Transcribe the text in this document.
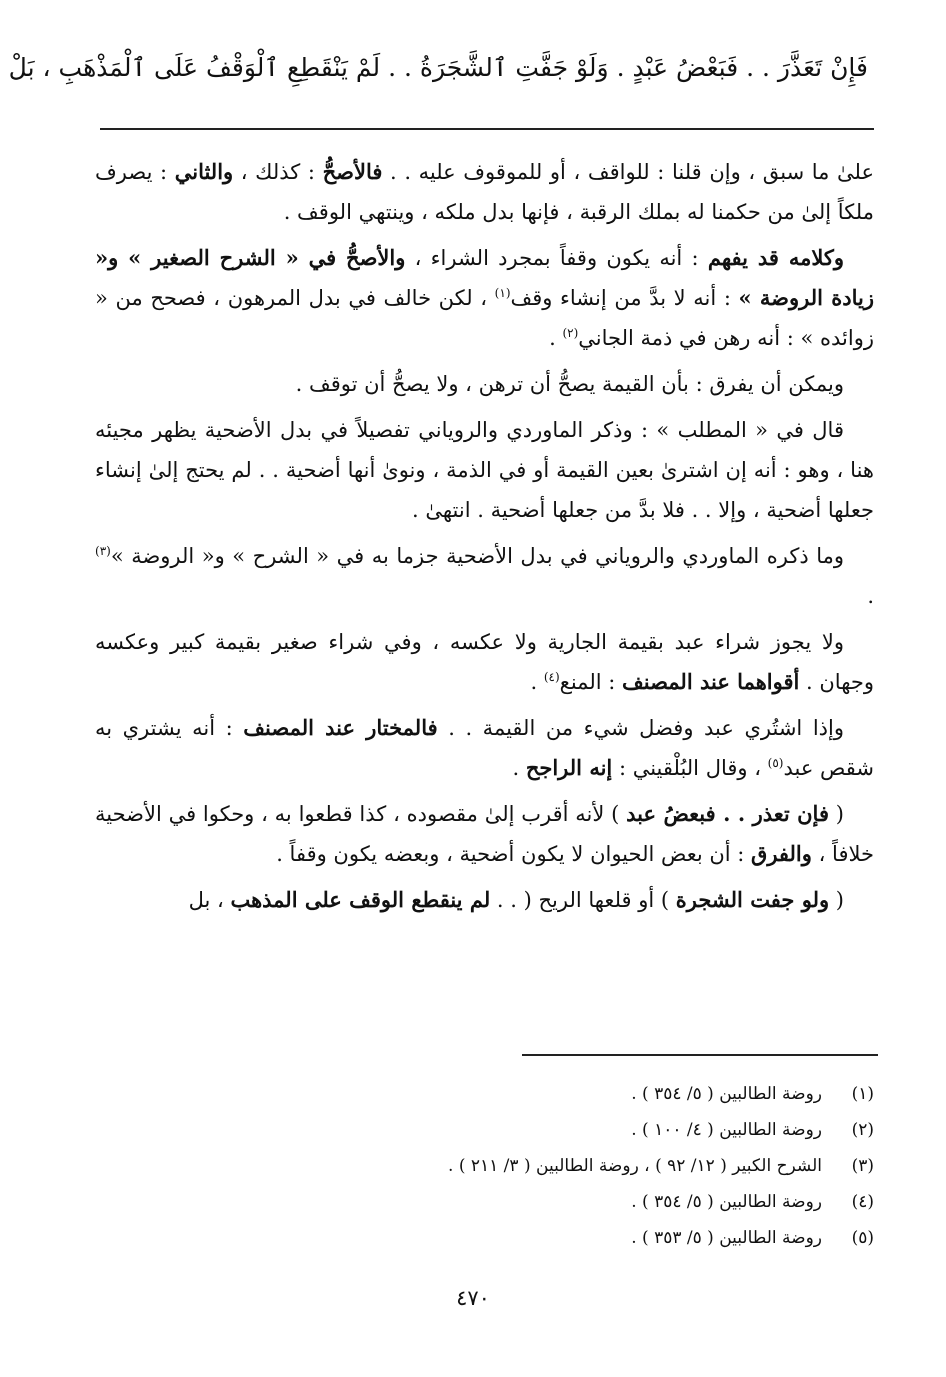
فَإِنْ تَعَذَّرَ . . فَبَعْضُ عَبْدٍ . وَلَوْ جَفَّتِ ٱلشَّجَرَةُ . . لَمْ يَنْقَطِعِ ٱلْوَقْفُ عَلَى ٱلْمَذْهَبِ ، بَلْ

علىٰ ما سبق ، وإن قلنا : للواقف ، أو للموقوف عليه . . فالأصحُّ : كذلك ، والثاني : يصرف ملكاً إلىٰ من حكمنا له بملك الرقبة ، فإنها بدل ملكه ، وينتهي الوقف .

وكلامه قد يفهم : أنه يكون وقفاً بمجرد الشراء ، والأصحُّ في « الشرح الصغير » و« زيادة الروضة » : أنه لا بدَّ من إنشاء وقف$^{(١)}$ ، لكن خالف في بدل المرهون ، فصحح من « زوائده » : أنه رهن في ذمة الجاني$^{(٢)}$ .

ويمكن أن يفرق : بأن القيمة يصحُّ أن ترهن ، ولا يصحُّ أن توقف .

قال في « المطلب » : وذكر الماوردي والروياني تفصيلاً في بدل الأضحية يظهر مجيئه هنا ، وهو : أنه إن اشترىٰ بعين القيمة أو في الذمة ، ونوىٰ أنها أضحية . . لم يحتج إلىٰ إنشاء جعلها أضحية ، وإلا . . فلا بدَّ من جعلها أضحية . انتهىٰ .

وما ذكره الماوردي والروياني في بدل الأضحية جزما به في « الشرح » و« الروضة »$^{(٣)}$ .

ولا يجوز شراء عبد بقيمة الجارية ولا عكسه ، وفي شراء صغير بقيمة كبير وعكسه وجهان . أقواهما عند المصنف : المنع$^{(٤)}$ .

وإذا اشتُري عبد وفضل شيء من القيمة . . فالمختار عند المصنف : أنه يشتري به شقص عبد$^{(٥)}$ ، وقال البُلْقيني : إنه الراجح .

( فإن تعذر . . فبعضُ عبد ) لأنه أقرب إلىٰ مقصوده ، كذا قطعوا به ، وحكوا في الأضحية خلافاً ، والفرق : أن بعض الحيوان لا يكون أضحية ، وبعضه يكون وقفاً .

( ولو جفت الشجرة ) أو قلعها الريح ( . . لم ينقطع الوقف على المذهب ، بل

(١)
روضة الطالبين ( ٥/ ٣٥٤ ) .
(٢)
روضة الطالبين ( ٤/ ١٠٠ ) .
(٣)
الشرح الكبير ( ١٢/ ٩٢ ) ، روضة الطالبين ( ٣/ ٢١١ ) .
(٤)
روضة الطالبين ( ٥/ ٣٥٤ ) .
(٥)
روضة الطالبين ( ٥/ ٣٥٣ ) .
٤٧٠
